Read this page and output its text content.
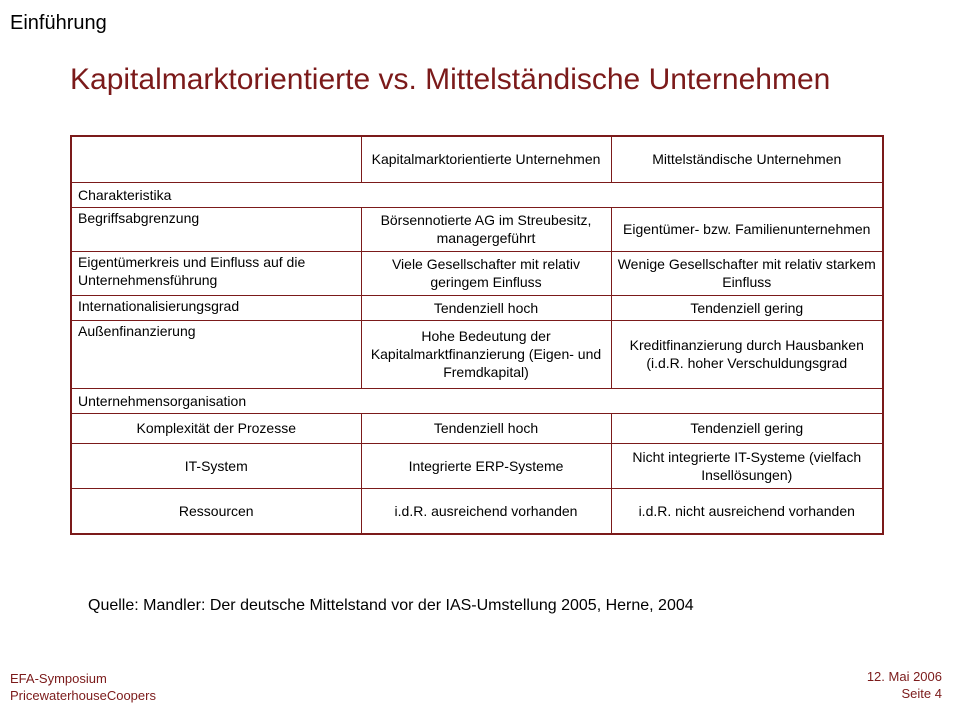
Einführung
Kapitalmarktorientierte vs. Mittelständische Unternehmen
	Kapitalmarktorientierte Unternehmen	Mittelständische Unternehmen
Charakteristika		
Begriffsabgrenzung	Börsennotierte AG im Streubesitz, managergeführt	Eigentümer- bzw. Familienunternehmen
Eigentümerkreis und Einfluss auf die Unternehmensführung	Viele Gesellschafter mit relativ geringem Einfluss	Wenige Gesellschafter mit relativ starkem Einfluss
Internationalisierungsgrad	Tendenziell hoch	Tendenziell gering
Außenfinanzierung	Hohe Bedeutung der Kapitalmarktfinanzierung (Eigen- und Fremdkapital)	Kreditfinanzierung durch Hausbanken (i.d.R. hoher Verschuldungsgrad
Unternehmensorganisation		
Komplexität der Prozesse	Tendenziell hoch	Tendenziell gering
IT-System	Integrierte ERP-Systeme	Nicht integrierte IT-Systeme (vielfach Insellösungen)
Ressourcen	i.d.R. ausreichend vorhanden	i.d.R. nicht ausreichend vorhanden
Quelle: Mandler: Der deutsche Mittelstand vor der IAS-Umstellung 2005, Herne, 2004
EFA-Symposium
PricewaterhouseCoopers
12. Mai 2006
Seite 4
